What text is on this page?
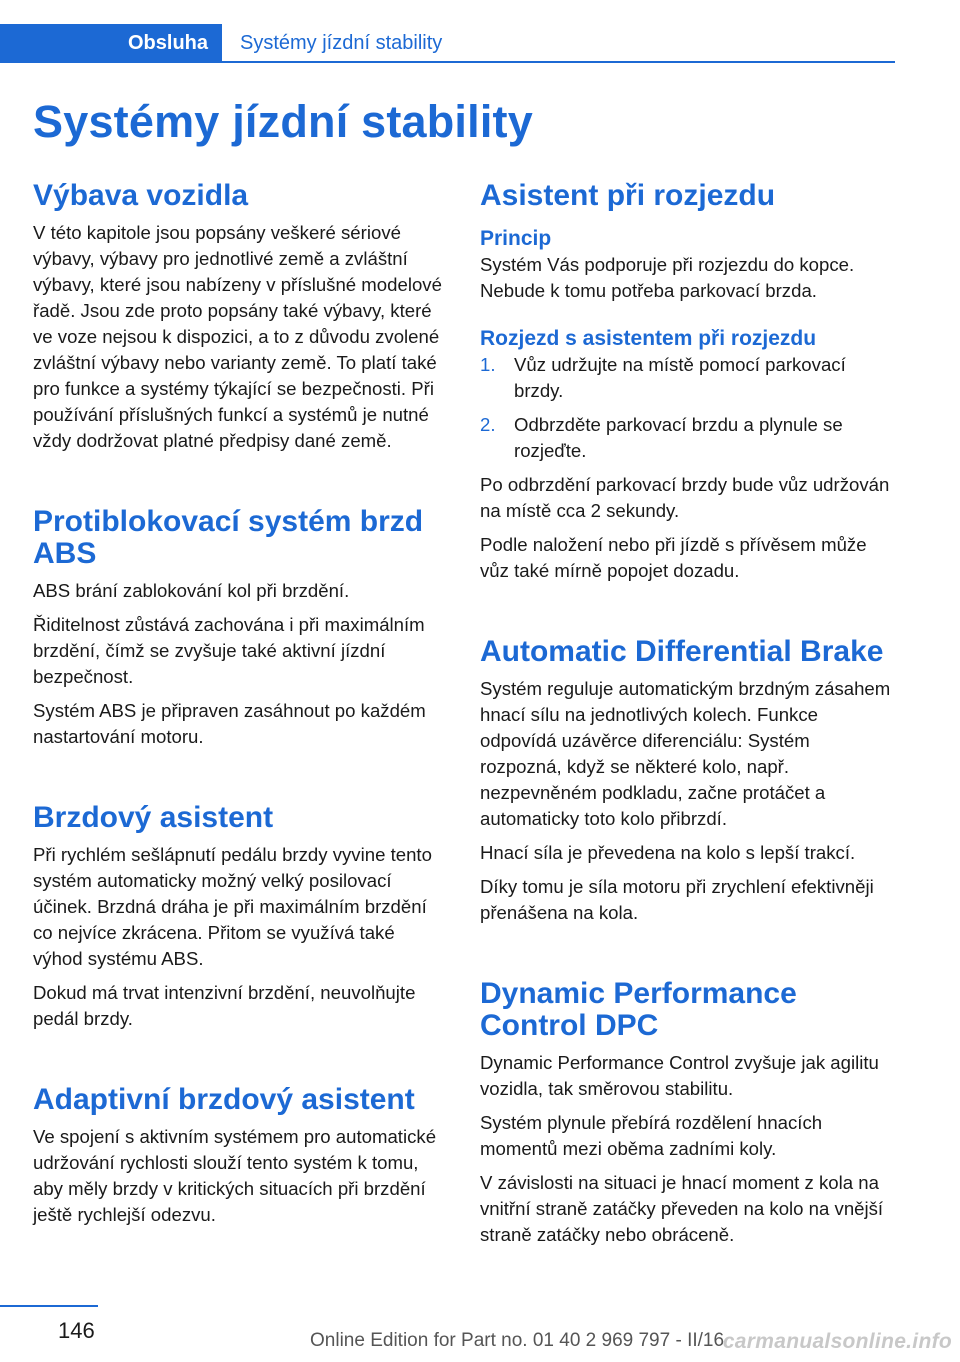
Obsluha	Systémy jízdní stability
Systémy jízdní stability
Výbava vozidla

V této kapitole jsou popsány veškeré sériové výbavy, výbavy pro jednotlivé země a zvláštní výbavy, které jsou nabízeny v příslušné modelové řadě. Jsou zde proto popsány také výbavy, které ve voze nejsou k dispozici, a to z důvodu zvolené zvláštní výbavy nebo varianty země. To platí také pro funkce a systémy týkající se bezpečnosti. Při používání příslušných funkcí a systémů je nutné vždy dodržovat platné předpisy dané země.

Protiblokovací systém brzd ABS

ABS brání zablokování kol při brzdění.

Řiditelnost zůstává zachována i při maximálním brzdění, čímž se zvyšuje také aktivní jízdní bezpečnost.

Systém ABS je připraven zasáhnout po každém nastartování motoru.

Brzdový asistent

Při rychlém sešlápnutí pedálu brzdy vyvine tento systém automaticky možný velký posilovací účinek. Brzdná dráha je při maximálním brzdění co nejvíce zkrácena. Přitom se využívá také výhod systému ABS.

Dokud má trvat intenzivní brzdění, neuvolňujte pedál brzdy.

Adaptivní brzdový asistent

Ve spojení s aktivním systémem pro automatické udržování rychlosti slouží tento systém k tomu, aby měly brzdy v kritických situacích při brzdění ještě rychlejší odezvu.

Asistent při rozjezdu
Princip

Systém Vás podporuje při rozjezdu do kopce. Nebude k tomu potřeba parkovací brzda.

Rozjezd s asistentem při rozjezdu
1. Vůz udržujte na místě pomocí parkovací brzdy.
2. Odbrzděte parkovací brzdu a plynule se rozjeďte.

Po odbrzdění parkovací brzdy bude vůz udržován na místě cca 2 sekundy.

Podle naložení nebo při jízdě s přívěsem může vůz také mírně popojet dozadu.

Automatic Differential Brake

Systém reguluje automatickým brzdným zásahem hnací sílu na jednotlivých kolech. Funkce odpovídá uzávěrce diferenciálu: Systém rozpozná, když se některé kolo, např. nezpevněném podkladu, začne protáčet a automaticky toto kolo přibrzdí.

Hnací síla je převedena na kolo s lepší trakcí.

Díky tomu je síla motoru při zrychlení efektivněji přenášena na kola.

Dynamic Performance Control DPC

Dynamic Performance Control zvyšuje jak agilitu vozidla, tak směrovou stabilitu.

Systém plynule přebírá rozdělení hnacích momentů mezi oběma zadními koly.

V závislosti na situaci je hnací moment z kola na vnitřní straně zatáčky převeden na kolo na vnější straně zatáčky nebo obráceně.

146	Online Edition for Part no. 01 40 2 969 797 - II/16
carmanualsonline.info
